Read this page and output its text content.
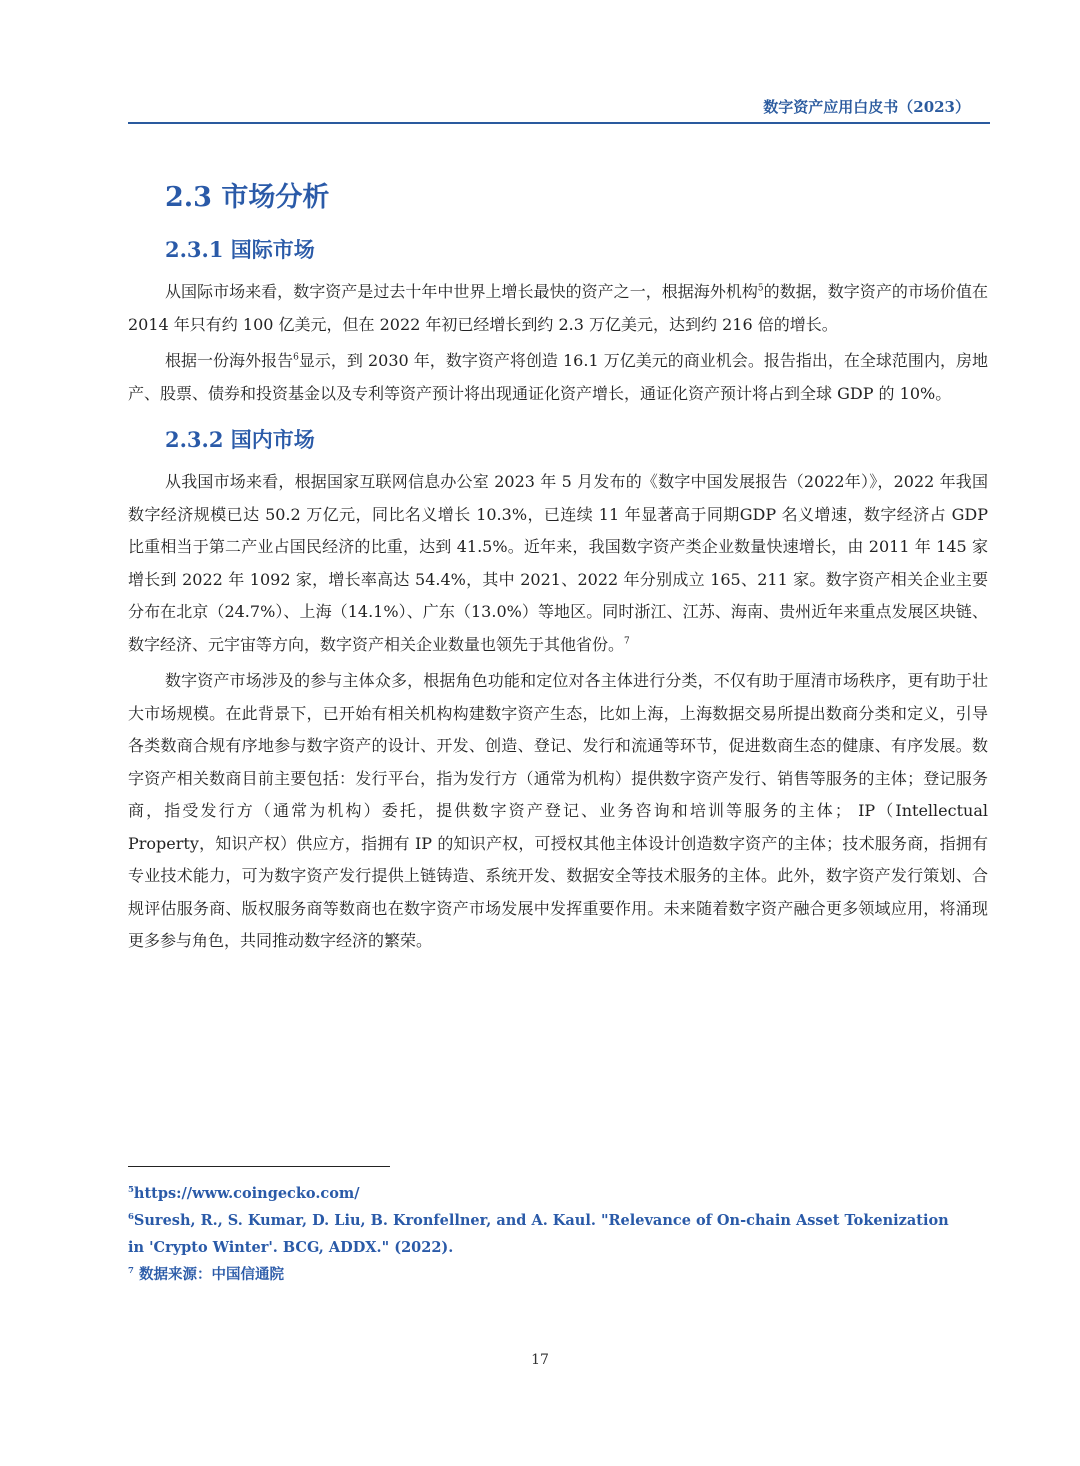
数字资产应用白皮书（2023）
2.3 市场分析
2.3.1 国际市场

从国际市场来看，数字资产是过去十年中世界上增长最快的资产之一，根据海外机构$^5$的数据，数字资产的市场价值在 2014 年只有约 100 亿美元，但在 2022 年初已经增长到约 2.3 万亿美元，达到约 216 倍的增长。

根据一份海外报告$^6$显示，到 2030 年，数字资产将创造 16.1 万亿美元的商业机会。报告指出，在全球范围内，房地产、股票、债券和投资基金以及专利等资产预计将出现通证化资产增长，通证化资产预计将占到全球 GDP 的 10%。

2.3.2 国内市场

从我国市场来看，根据国家互联网信息办公室 2023 年 5 月发布的《数字中国发展报告（2022年）》，2022 年我国数字经济规模已达 50.2 万亿元，同比名义增长 10.3%，已连续 11 年显著高于同期GDP 名义增速，数字经济占 GDP 比重相当于第二产业占国民经济的比重，达到 41.5%。近年来，我国数字资产类企业数量快速增长，由 2011 年 145 家增长到 2022 年 1092 家，增长率高达 54.4%，其中 2021、2022 年分别成立 165、211 家。数字资产相关企业主要分布在北京（24.7%）、上海（14.1%）、广东（13.0%）等地区。同时浙江、江苏、海南、贵州近年来重点发展区块链、数字经济、元宇宙等方向，数字资产相关企业数量也领先于其他省份。$^7$

数字资产市场涉及的参与主体众多，根据角色功能和定位对各主体进行分类，不仅有助于厘清市场秩序，更有助于壮大市场规模。在此背景下，已开始有相关机构构建数字资产生态，比如上海，上海数据交易所提出数商分类和定义，引导各类数商合规有序地参与数字资产的设计、开发、创造、登记、发行和流通等环节，促进数商生态的健康、有序发展。数字资产相关数商目前主要包括：发行平台，指为发行方（通常为机构）提供数字资产发行、销售等服务的主体；登记服务商，指受发行方（通常为机构）委托，提供数字资产登记、业务咨询和培训等服务的主体； IP（Intellectual Property，知识产权）供应方，指拥有 IP 的知识产权，可授权其他主体设计创造数字资产的主体；技术服务商，指拥有专业技术能力，可为数字资产发行提供上链铸造、系统开发、数据安全等技术服务的主体。此外，数字资产发行策划、合规评估服务商、版权服务商等数商也在数字资产市场发展中发挥重要作用。未来随着数字资产融合更多领域应用，将涌现更多参与角色，共同推动数字经济的繁荣。

$^5$https://www.coingecko.com/
$^6$Suresh, R., S. Kumar, D. Liu, B. Kronfellner, and A. Kaul. "Relevance of On-chain Asset Tokenization in 'Crypto Winter'. BCG, ADDX." (2022).
$^7$ 数据来源：中国信通院
17
